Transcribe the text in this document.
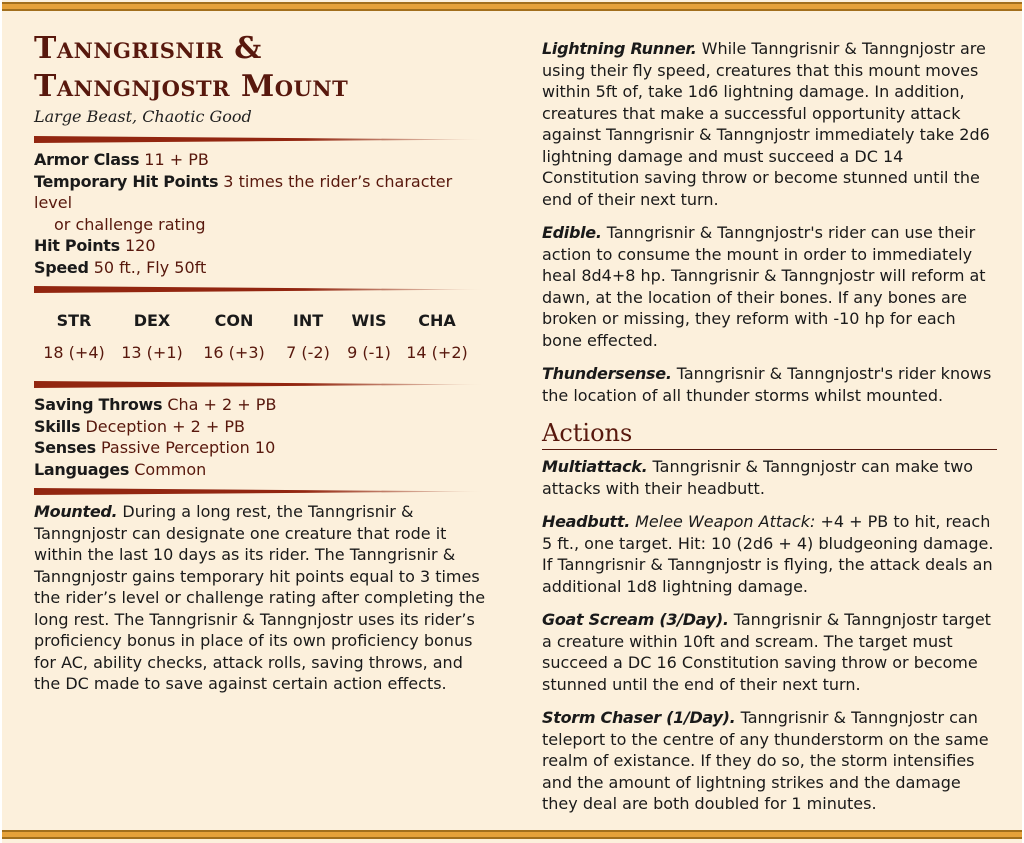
Tanngrisnir &
Tanngnjostr Mount
Large Beast, Chaotic Good

Armor Class 11 + PB

Temporary Hit Points 3 times the rider’s character level
or challenge rating

Hit Points 120

Speed 50 ft., Fly 50ft

STR	DEX	CON	INT	WIS	CHA
18 (+4)	13 (+1)	16 (+3)	7 (-2)	9 (-1) 14 (+2)

Saving Throws Cha + 2 + PB

Skills Deception + 2 + PB

Senses Passive Perception 10

Languages Common

Mounted. During a long rest, the Tanngrisnir & Tanngnjostr can designate one creature that rode it within the last 10 days as its rider. The Tanngrisnir & Tanngnjostr gains temporary hit points equal to 3 times the rider’s level or challenge rating after completing the long rest. The Tanngrisnir & Tanngnjostr uses its rider’s proficiency bonus in place of its own proficiency bonus for AC, ability checks, attack rolls, saving throws, and the DC made to save against certain action effects.

Lightning Runner. While Tanngrisnir & Tanngnjostr are using their fly speed, creatures that this mount moves within 5ft of, take 1d6 lightning damage. In addition, creatures that make a successful opportunity attack against Tanngrisnir & Tanngnjostr immediately take 2d6 lightning damage and must succeed a DC 14 Constitution saving throw or become stunned until the end of their next turn.

Edible. Tanngrisnir & Tanngnjostr's rider can use their action to consume the mount in order to immediately heal 8d4+8 hp. Tanngrisnir & Tanngnjostr will reform at dawn, at the location of their bones. If any bones are broken or missing, they reform with -10 hp for each bone effected.

Thundersense. Tanngrisnir & Tanngnjostr's rider knows the location of all thunder storms whilst mounted.

Actions

Multiattack. Tanngrisnir & Tanngnjostr can make two attacks with their headbutt.

Headbutt. Melee Weapon Attack: +4 + PB to hit, reach 5 ft., one target. Hit: 10 (2d6 + 4) bludgeoning damage. If Tanngrisnir & Tanngnjostr is flying, the attack deals an additional 1d8 lightning damage.

Goat Scream (3/Day). Tanngrisnir & Tanngnjostr target a creature within 10ft and scream. The target must succeed a DC 16 Constitution saving throw or become stunned until the end of their next turn.

Storm Chaser (1/Day). Tanngrisnir & Tanngnjostr can teleport to the centre of any thunderstorm on the same realm of existance. If they do so, the storm intensifies and the amount of lightning strikes and the damage they deal are both doubled for 1 minutes.
